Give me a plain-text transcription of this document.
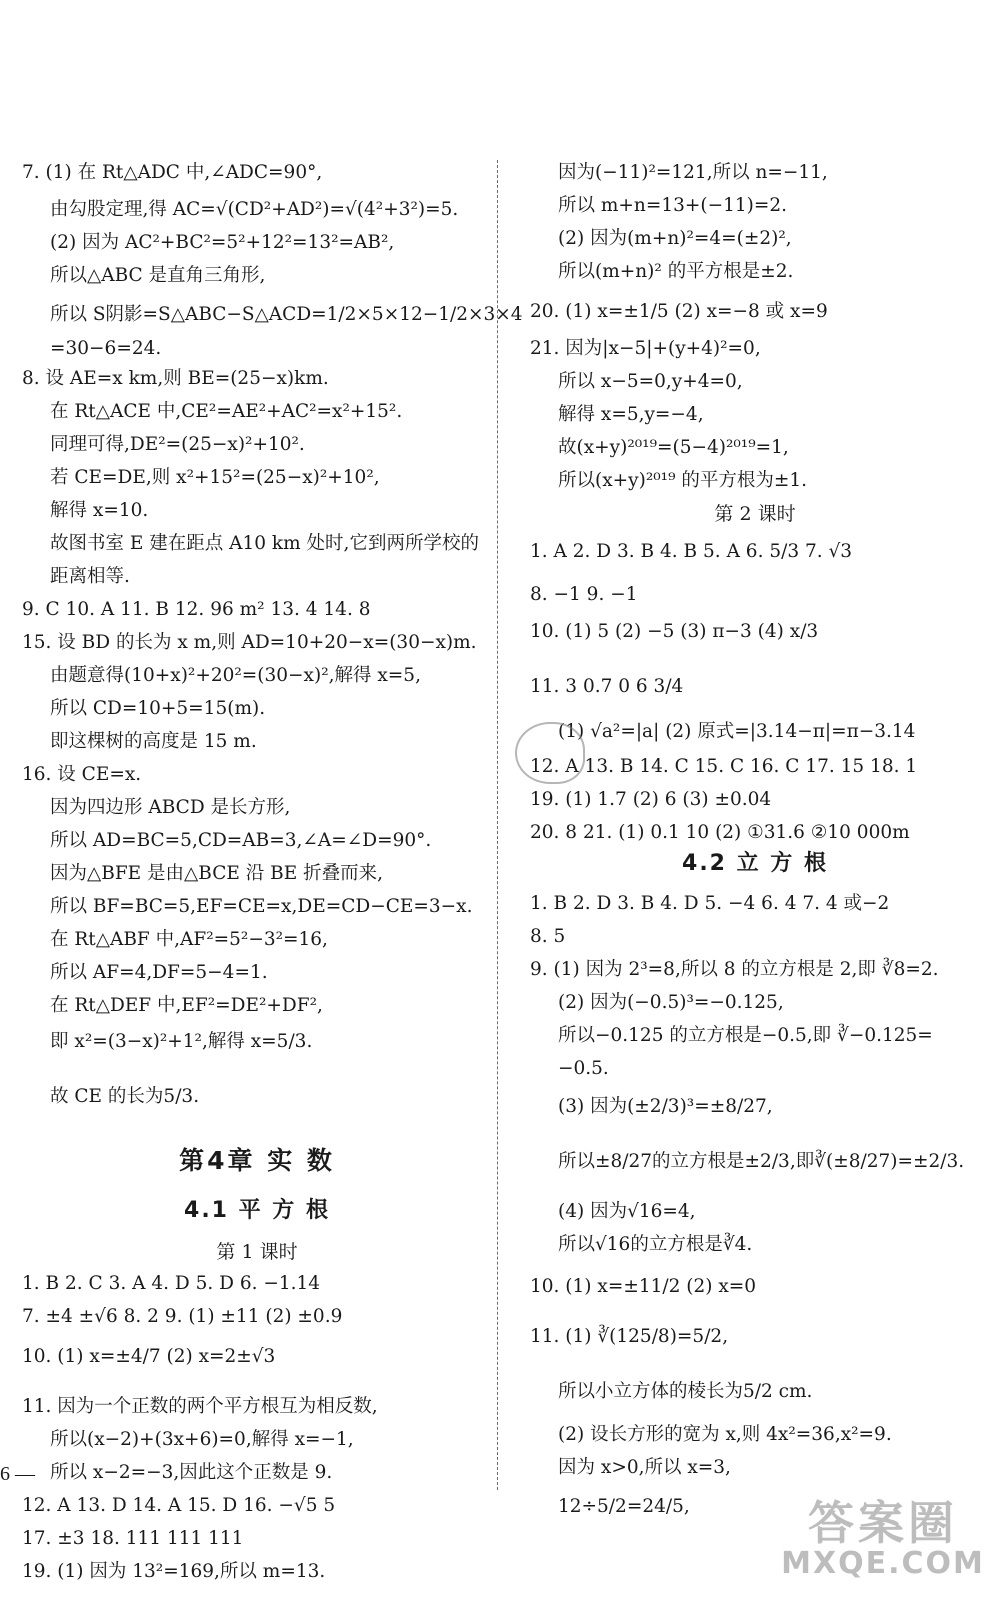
7. (1) 在 Rt△ADC 中,∠ADC=90°,
由勾股定理,得 AC=√(CD²+AD²)=√(4²+3²)=5.
(2) 因为 AC²+BC²=5²+12²=13²=AB²,
所以△ABC 是直角三角形,
所以 S阴影=S△ABC−S△ACD=1/2×5×12−1/2×3×4
=30−6=24.
8. 设 AE=x km,则 BE=(25−x)km.
在 Rt△ACE 中,CE²=AE²+AC²=x²+15².
同理可得,DE²=(25−x)²+10².
若 CE=DE,则 x²+15²=(25−x)²+10²,
解得 x=10.
故图书室 E 建在距点 A10 km 处时,它到两所学校的
距离相等.
9. C 10. A 11. B 12. 96 m² 13. 4 14. 8
15. 设 BD 的长为 x m,则 AD=10+20−x=(30−x)m.
由题意得(10+x)²+20²=(30−x)²,解得 x=5,
所以 CD=10+5=15(m).
即这棵树的高度是 15 m.
16. 设 CE=x.
因为四边形 ABCD 是长方形,
所以 AD=BC=5,CD=AB=3,∠A=∠D=90°.
因为△BFE 是由△BCE 沿 BE 折叠而来,
所以 BF=BC=5,EF=CE=x,DE=CD−CE=3−x.
在 Rt△ABF 中,AF²=5²−3²=16,
所以 AF=4,DF=5−4=1.
在 Rt△DEF 中,EF²=DE²+DF²,
即 x²=(3−x)²+1²,解得 x=5/3.
故 CE 的长为5/3.
第4章 实 数
4.1 平 方 根
第 1 课时
1. B 2. C 3. A 4. D 5. D 6. −1.14
7. ±4 ±√6 8. 2 9. (1) ±11 (2) ±0.9
10. (1) x=±4/7 (2) x=2±√3
11. 因为一个正数的两个平方根互为相反数,
所以(x−2)+(3x+6)=0,解得 x=−1,
所以 x−2=−3,因此这个正数是 9.
12. A 13. D 14. A 15. D 16. −√5 5
17. ±3 18. 111 111 111
19. (1) 因为 13²=169,所以 m=13.
因为(−11)²=121,所以 n=−11,
所以 m+n=13+(−11)=2.
(2) 因为(m+n)²=4=(±2)²,
所以(m+n)² 的平方根是±2.
20. (1) x=±1/5 (2) x=−8 或 x=9
21. 因为|x−5|+(y+4)²=0,
所以 x−5=0,y+4=0,
解得 x=5,y=−4,
故(x+y)²⁰¹⁹=(5−4)²⁰¹⁹=1,
所以(x+y)²⁰¹⁹ 的平方根为±1.
第 2 课时
1. A 2. D 3. B 4. B 5. A 6. 5/3 7. √3
8. −1 9. −1
10. (1) 5 (2) −5 (3) π−3 (4) x/3
11. 3 0.7 0 6 3/4
(1) √a²=|a| (2) 原式=|3.14−π|=π−3.14
12. A 13. B 14. C 15. C 16. C 17. 15 18. 1
19. (1) 1.7 (2) 6 (3) ±0.04
20. 8 21. (1) 0.1 10 (2) ①31.6 ②10 000m
4.2 立 方 根
1. B 2. D 3. B 4. D 5. −4 6. 4 7. 4 或−2
8. 5
9. (1) 因为 2³=8,所以 8 的立方根是 2,即 ∛8=2.
(2) 因为(−0.5)³=−0.125,
所以−0.125 的立方根是−0.5,即 ∛−0.125=
−0.5.
(3) 因为(±2/3)³=±8/27,
所以±8/27的立方根是±2/3,即∛(±8/27)=±2/3.
(4) 因为√16=4,
所以√16的立方根是∛4.
10. (1) x=±11/2 (2) x=0
11. (1) ∛(125/8)=5/2,
所以小立方体的棱长为5/2 cm.
(2) 设长方形的宽为 x,则 4x²=36,x²=9.
因为 x>0,所以 x=3,
12÷5/2=24/5,
6 —
答案圈
MXQE.COM
